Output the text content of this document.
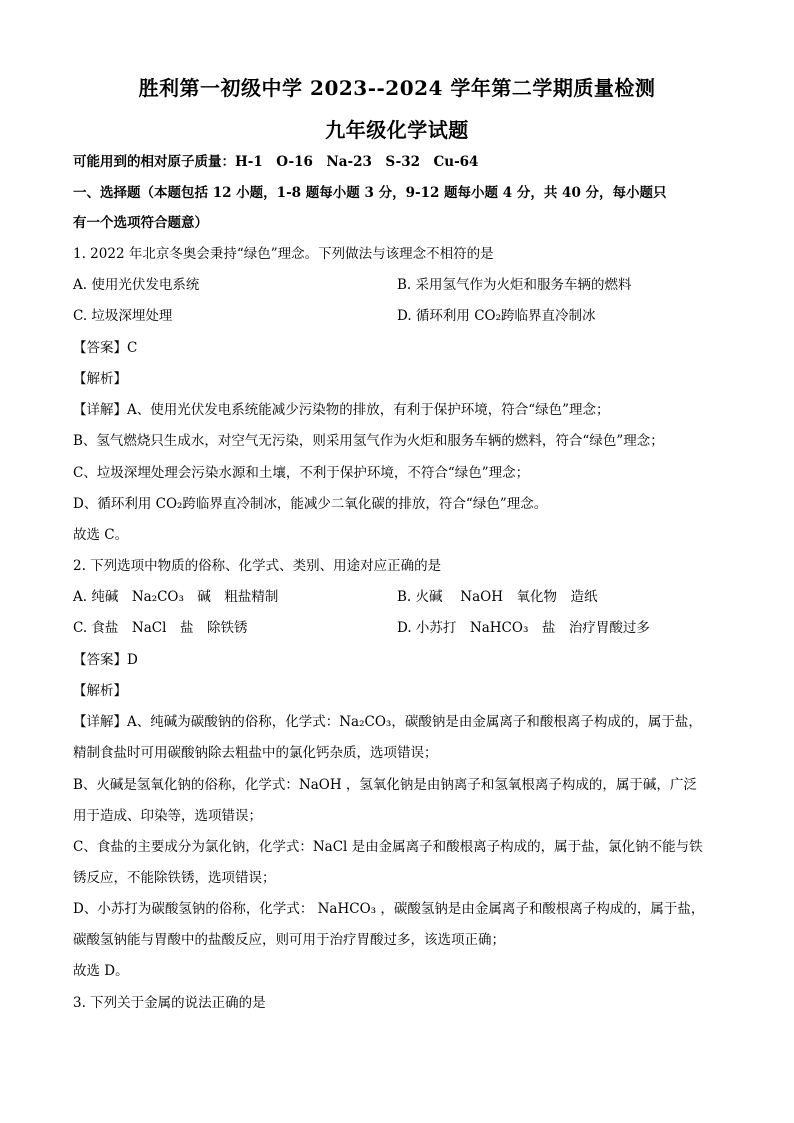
胜利第一初级中学 2023--2024 学年第二学期质量检测
九年级化学试题
可能用到的相对原子质量：H-1　O-16　Na-23　S-32　Cu-64
一、选择题（本题包括 12 小题，1-8 题每小题 3 分，9-12 题每小题 4 分，共 40 分，每小题只
有一个选项符合题意）
1. 2022 年北京冬奥会秉持“绿色”理念。下列做法与该理念不相符的是
A. 使用光伏发电系统	B. 采用氢气作为火炬和服务车辆的燃料
C. 垃圾深埋处理	D. 循环利用 CO₂跨临界直冷制冰
【答案】C
【解析】
【详解】A、使用光伏发电系统能减少污染物的排放，有利于保护环境，符合“绿色”理念；
B、氢气燃烧只生成水，对空气无污染，则采用氢气作为火炬和服务车辆的燃料，符合“绿色”理念；
C、垃圾深埋处理会污染水源和土壤，不利于保护环境，不符合“绿色”理念；
D、循环利用 CO₂跨临界直冷制冰，能减少二氧化碳的排放，符合“绿色”理念。
故选 C。
2. 下列选项中物质的俗称、化学式、类别、用途对应正确的是
A. 纯碱　Na₂CO₃　碱　粗盐精制	B. 火碱　 NaOH　氧化物　造纸
C. 食盐　NaCl　盐　除铁锈	D. 小苏打　NaHCO₃　盐　治疗胃酸过多
【答案】D
【解析】
【详解】A、纯碱为碳酸钠的俗称，化学式：Na₂CO₃，碳酸钠是由金属离子和酸根离子构成的，属于盐，
精制食盐时可用碳酸钠除去粗盐中的氯化钙杂质，选项错误；
B、火碱是氢氧化钠的俗称，化学式：NaOH ，氢氧化钠是由钠离子和氢氧根离子构成的，属于碱，广泛
用于造成、印染等，选项错误；
C、食盐的主要成分为氯化钠，化学式：NaCl 是由金属离子和酸根离子构成的，属于盐，氯化钠不能与铁
锈反应，不能除铁锈，选项错误；
D、小苏打为碳酸氢钠的俗称，化学式： NaHCO₃ ，碳酸氢钠是由金属离子和酸根离子构成的，属于盐，
碳酸氢钠能与胃酸中的盐酸反应，则可用于治疗胃酸过多，该选项正确；
故选 D。
3. 下列关于金属的说法正确的是
